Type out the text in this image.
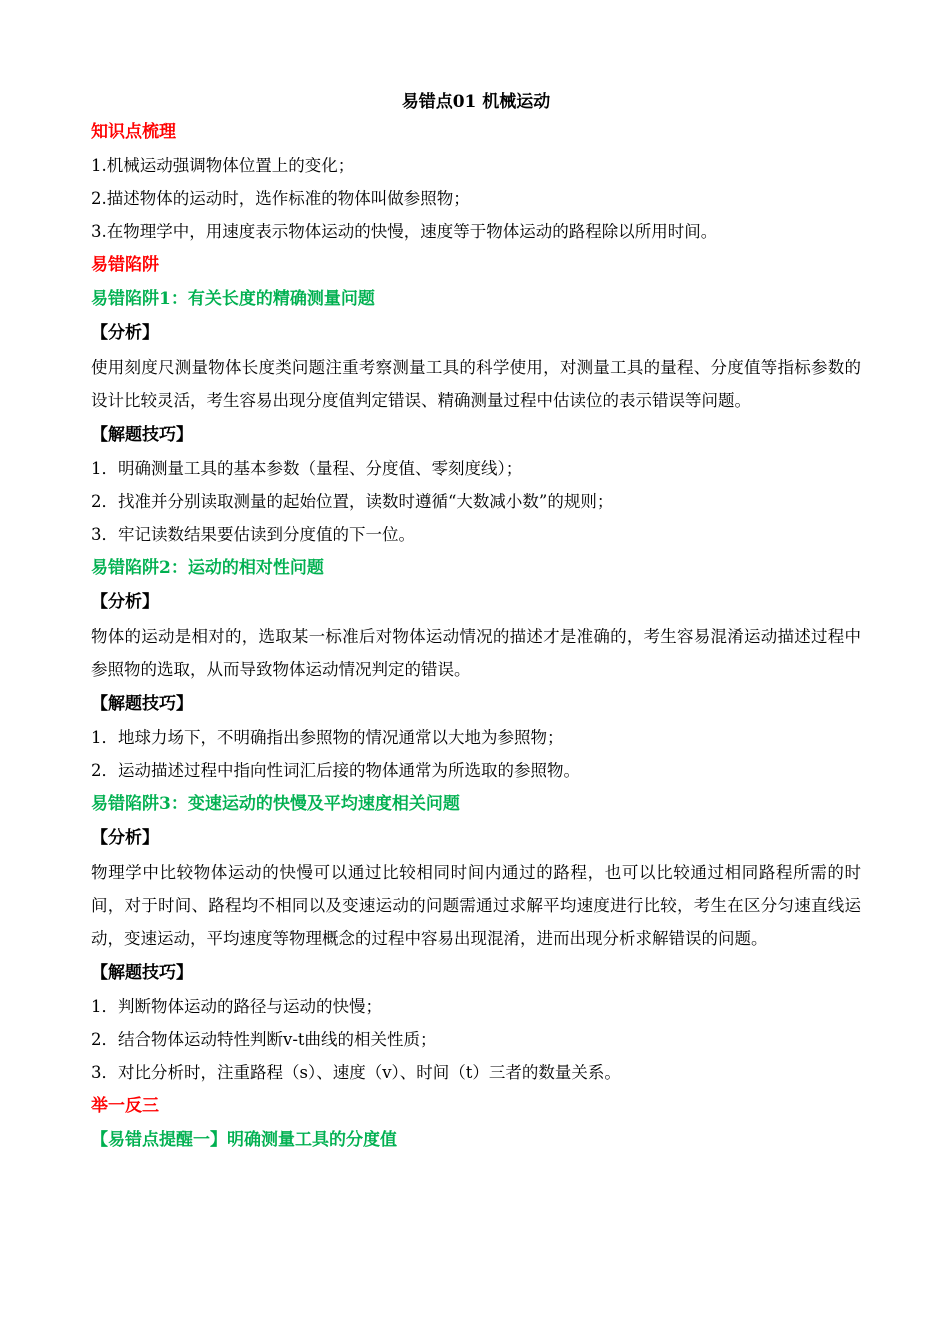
易错点01 机械运动
知识点梳理
1.机械运动强调物体位置上的变化；
2.描述物体的运动时，选作标准的物体叫做参照物；
3.在物理学中，用速度表示物体运动的快慢，速度等于物体运动的路程除以所用时间。
易错陷阱
易错陷阱1：有关长度的精确测量问题
【分析】
使用刻度尺测量物体长度类问题注重考察测量工具的科学使用，对测量工具的量程、分度值等指标参数的设计比较灵活，考生容易出现分度值判定错误、精确测量过程中估读位的表示错误等问题。
【解题技巧】
1．明确测量工具的基本参数（量程、分度值、零刻度线）；
2．找准并分别读取测量的起始位置，读数时遵循“大数减小数”的规则；
3．牢记读数结果要估读到分度值的下一位。
易错陷阱2：运动的相对性问题
【分析】
物体的运动是相对的，选取某一标准后对物体运动情况的描述才是准确的，考生容易混淆运动描述过程中参照物的选取，从而导致物体运动情况判定的错误。
【解题技巧】
1．地球力场下，不明确指出参照物的情况通常以大地为参照物；
2．运动描述过程中指向性词汇后接的物体通常为所选取的参照物。
易错陷阱3：变速运动的快慢及平均速度相关问题
【分析】
物理学中比较物体运动的快慢可以通过比较相同时间内通过的路程，也可以比较通过相同路程所需的时间，对于时间、路程均不相同以及变速运动的问题需通过求解平均速度进行比较，考生在区分匀速直线运动，变速运动，平均速度等物理概念的过程中容易出现混淆，进而出现分析求解错误的问题。
【解题技巧】
1．判断物体运动的路径与运动的快慢；
2．结合物体运动特性判断v-t曲线的相关性质；
3．对比分析时，注重路程（s）、速度（v）、时间（t）三者的数量关系。
举一反三
【易错点提醒一】明确测量工具的分度值
